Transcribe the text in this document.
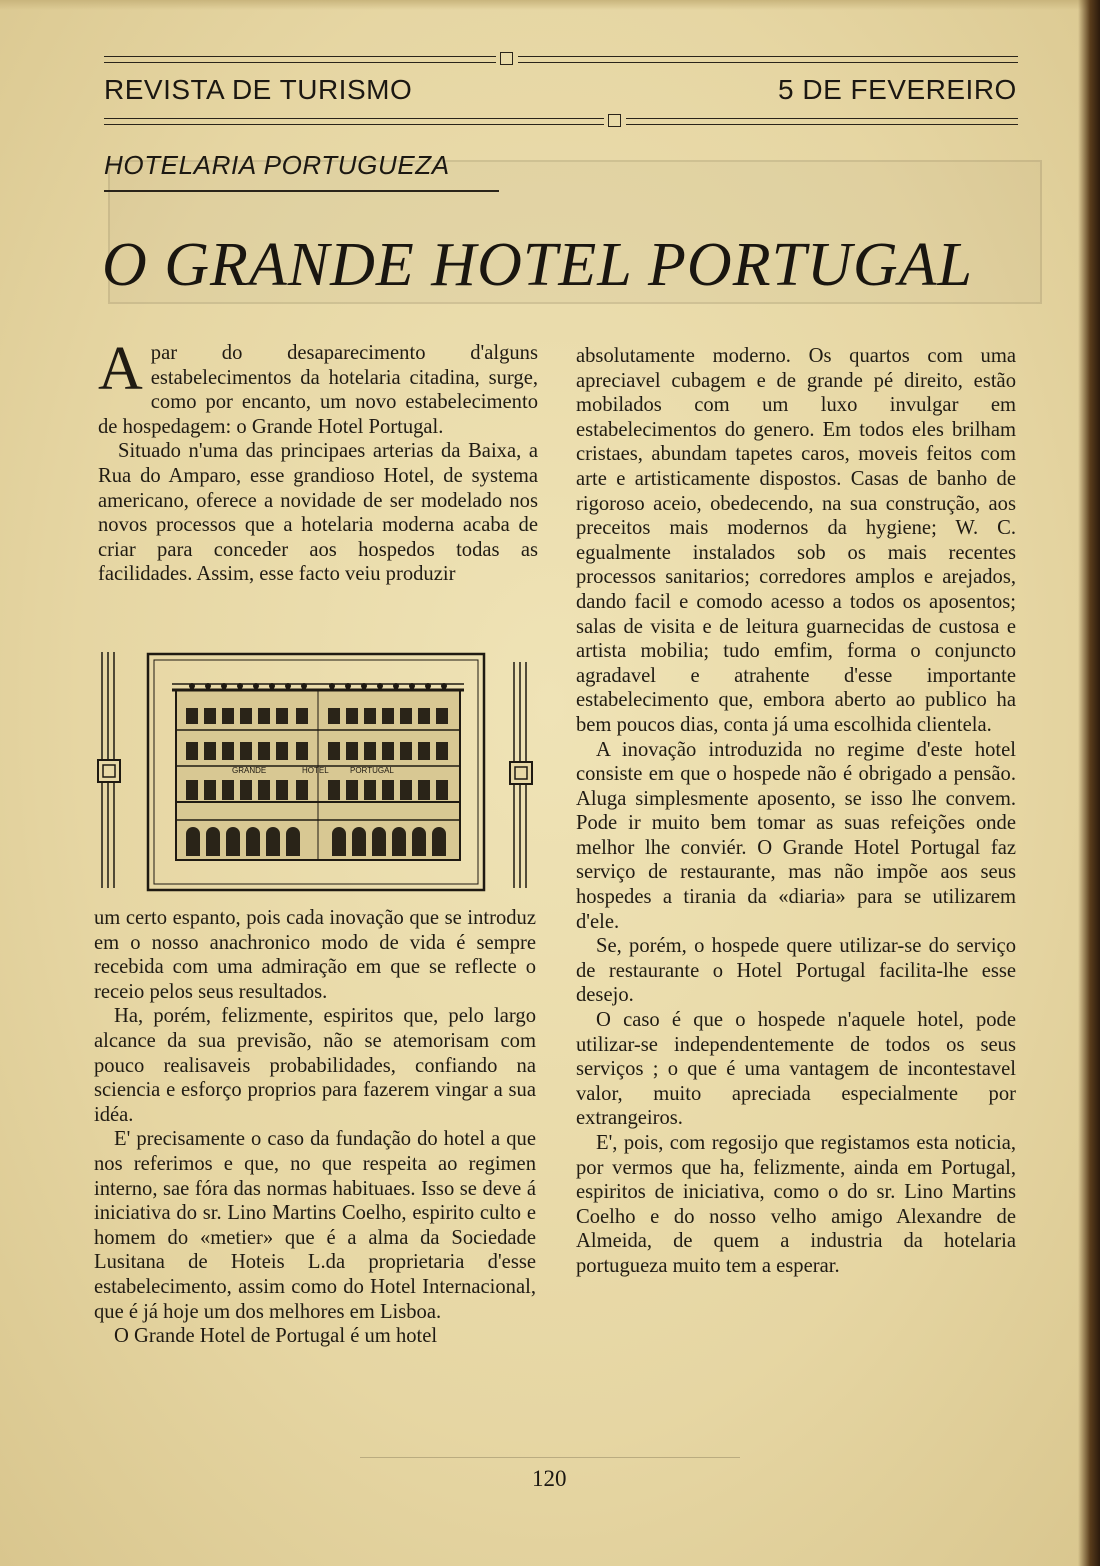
REVISTA DE TURISMO	5 DE FEVEREIRO
HOTELARIA PORTUGUEZA
O GRANDE HOTEL PORTUGAL

Apar do desaparecimento d'alguns estabelecimentos da hotelaria citadina, surge, como por encanto, um novo estabelecimento de hospedagem: o Grande Hotel Portugal.

Situado n'uma das principaes arterias da Baixa, a Rua do Amparo, esse grandioso Hotel, de systema americano, oferece a novidade de ser modelado nos novos processos que a hotelaria moderna acaba de criar para conceder aos hospedos todas as facilidades. Assim, esse facto veiu produzir

GRANDE	HOTEL	PORTUGAL

um certo espanto, pois cada inovação que se introduz em o nosso anachronico modo de vida é sempre recebida com uma admiração em que se reflecte o receio pelos seus resultados.

Ha, porém, felizmente, espiritos que, pelo largo alcance da sua previsão, não se atemorisam com pouco realisaveis probabilidades, confiando na sciencia e esforço proprios para fazerem vingar a sua idéa.

E' precisamente o caso da fundação do hotel a que nos referimos e que, no que respeita ao regimen interno, sae fóra das normas habituaes. Isso se deve á iniciativa do sr. Lino Martins Coelho, espirito culto e homem do «metier» que é a alma da Sociedade Lusitana de Hoteis L.da proprietaria d'esse estabelecimento, assim como do Hotel Internacional, que é já hoje um dos melhores em Lisboa.

O Grande Hotel de Portugal é um hotel

absolutamente moderno. Os quartos com uma apreciavel cubagem e de grande pé direito, estão mobilados com um luxo invulgar em estabelecimentos do genero. Em todos eles brilham cristaes, abundam tapetes caros, moveis feitos com arte e artisticamente dispostos. Casas de banho de rigoroso aceio, obedecendo, na sua construção, aos preceitos mais modernos da hygiene; W. C. egualmente instalados sob os mais recentes processos sanitarios; corredores amplos e arejados, dando facil e comodo acesso a todos os aposentos; salas de visita e de leitura guarnecidas de custosa e artista mobilia; tudo emfim, forma o conjuncto agradavel e atrahente d'esse importante estabelecimento que, embora aberto ao publico ha bem poucos dias, conta já uma escolhida clientela.

A inovação introduzida no regime d'este hotel consiste em que o hospede não é obrigado a pensão. Aluga simplesmente aposento, se isso lhe convem. Pode ir muito bem tomar as suas refeições onde melhor lhe conviér. O Grande Hotel Portugal faz serviço de restaurante, mas não impõe aos seus hospedes a tirania da «diaria» para se utilizarem d'ele.

Se, porém, o hospede quere utilizar-se do serviço de restaurante o Hotel Portugal facilita-lhe esse desejo.

O caso é que o hospede n'aquele hotel, pode utilizar-se independentemente de todos os seus serviços ; o que é uma vantagem de incontestavel valor, muito apreciada especialmente por extrangeiros.

E', pois, com regosijo que registamos esta noticia, por vermos que ha, felizmente, ainda em Portugal, espiritos de iniciativa, como o do sr. Lino Martins Coelho e do nosso velho amigo Alexandre de Almeida, de quem a industria da hotelaria portugueza muito tem a esperar.

120
